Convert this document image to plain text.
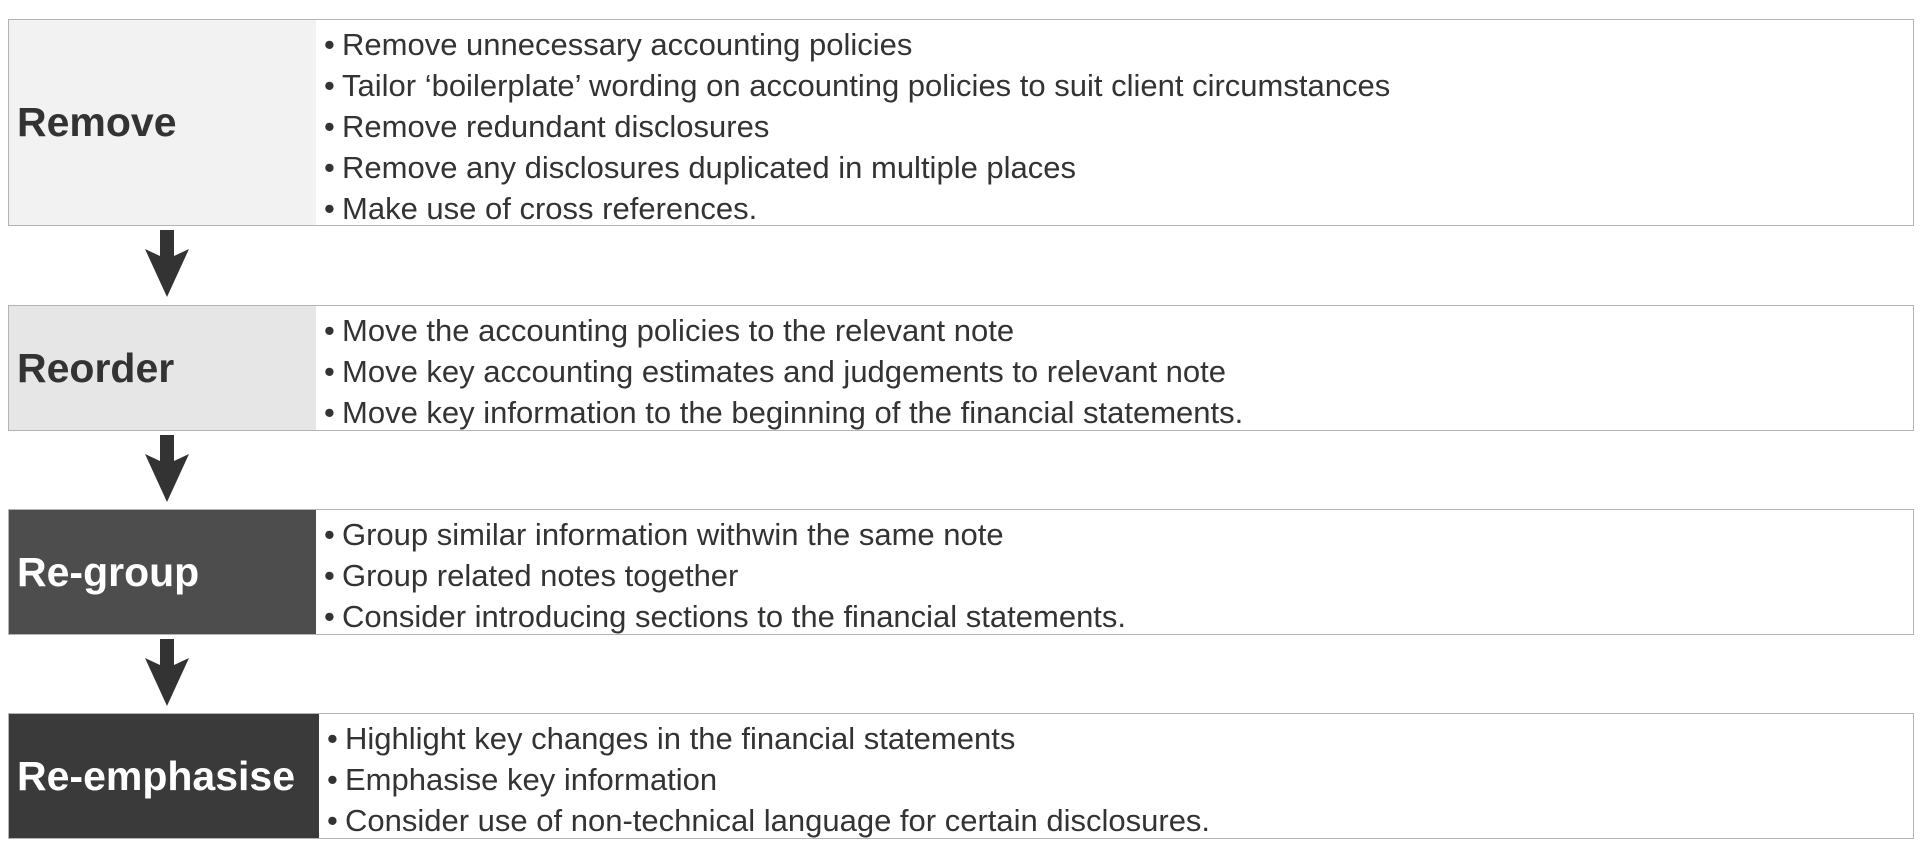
Remove
• Remove unnecessary accounting policies
• Tailor ‘boilerplate’ wording on accounting policies to suit client circumstances
• Remove redundant disclosures
• Remove any disclosures duplicated in multiple places
• Make use of cross references.
Reorder
• Move the accounting policies to the relevant note
• Move key accounting estimates and judgements to relevant note
• Move key information to the beginning of the financial statements.
Re-group
• Group similar information withwin the same note
• Group related notes together
• Consider introducing sections to the financial statements.
Re-emphasise
• Highlight key changes in the financial statements
• Emphasise key information
• Consider use of non-technical language for certain disclosures.
